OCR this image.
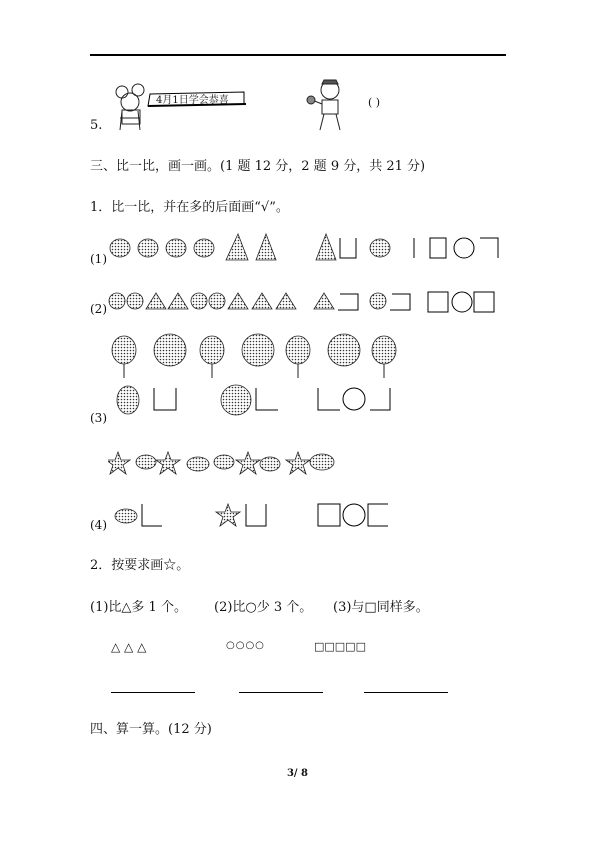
5.
4月1日学会恭喜	( )
三、比一比，画一画。(1 题 12 分，2 题 9 分，共 21 分)
1．比一比，并在多的后面画“√”。
(1)
(2)
(3)
(4)
2．按要求画☆。
(1)比△多 1 个。 (2)比○少 3 个。 (3)与□同样多。
△ △ △	○○○○	□□□□□
四、算一算。(12 分)
3/ 8
